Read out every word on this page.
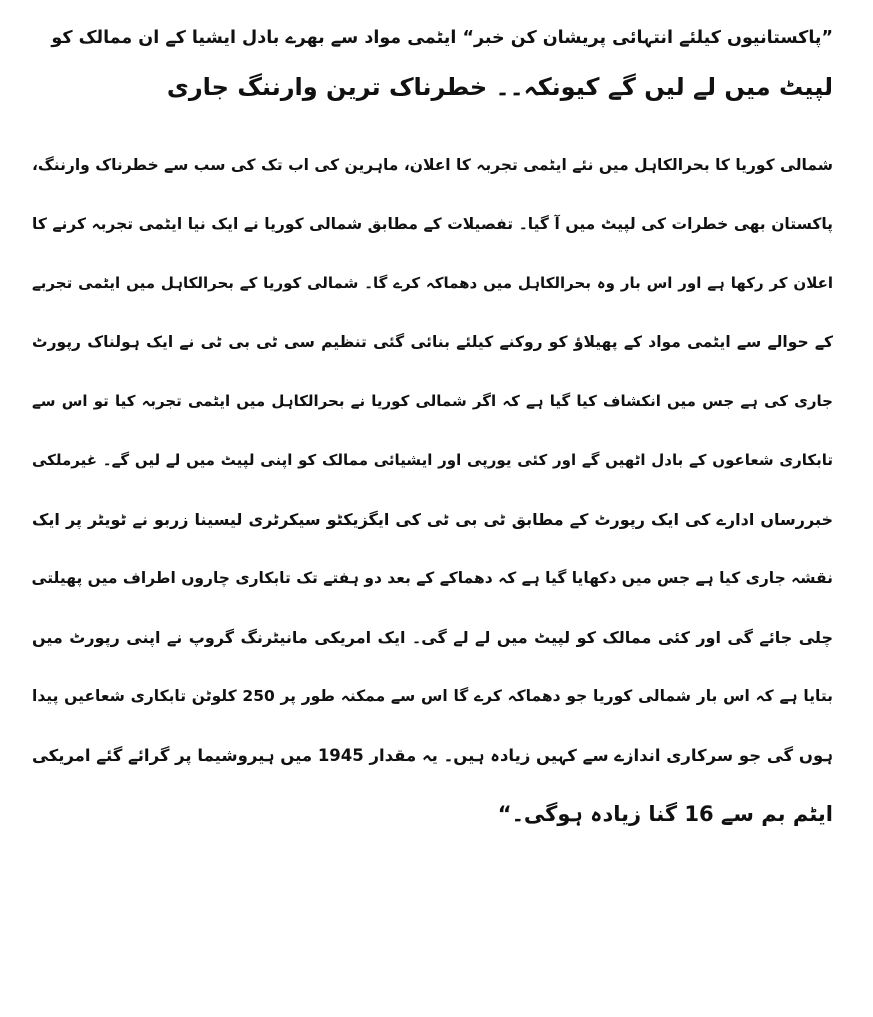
”پاکستانیوں کیلئے انتہائی پریشان کن خبر“ ایٹمی مواد سے بھرے بادل ایشیا کے ان ممالک کو
لپیٹ میں لے لیں گے کیونکہ۔۔ خطرناک ترین وارننگ جاری
شمالی کوریا کا بحرالکاہل میں نئے ایٹمی تجربہ کا اعلان، ماہرین کی اب تک کی سب سے خطرناک وارننگ،
پاکستان بھی خطرات کی لپیٹ میں آ گیا۔ تفصیلات کے مطابق شمالی کوریا نے ایک نیا ایٹمی تجربہ کرنے کا
اعلان کر رکھا ہے اور اس بار وہ بحرالکاہل میں دھماکہ کرے گا۔ شمالی کوریا کے بحرالکاہل میں ایٹمی تجربے
کے حوالے سے ایٹمی مواد کے پھیلاؤ کو روکنے کیلئے بنائی گئی تنظیم سی ٹی بی ٹی نے ایک ہولناک رپورٹ
جاری کی ہے جس میں انکشاف کیا گیا ہے کہ اگر شمالی کوریا نے بحرالکاہل میں ایٹمی تجربہ کیا تو اس سے
تابکاری شعاعوں کے بادل اٹھیں گے اور کئی یورپی اور ایشیائی ممالک کو اپنی لپیٹ میں لے لیں گے۔ غیرملکی
خبررساں ادارے کی ایک رپورٹ کے مطابق ٹی بی ٹی کی ایگزیکٹو سیکرٹری لیسینا زربو نے ٹویٹر پر ایک
نقشہ جاری کیا ہے جس میں دکھایا گیا ہے کہ دھماکے کے بعد دو ہفتے تک تابکاری چاروں اطراف میں پھیلتی
چلی جائے گی اور کئی ممالک کو لپیٹ میں لے لے گی۔ ایک امریکی مانیٹرنگ گروپ نے اپنی رپورٹ میں
بتایا ہے کہ اس بار شمالی کوریا جو دھماکہ کرے گا اس سے ممکنہ طور پر 250 کلوٹن تابکاری شعاعیں پیدا
ہوں گی جو سرکاری اندازے سے کہیں زیادہ ہیں۔ یہ مقدار 1945 میں ہیروشیما پر گرائے گئے امریکی
ایٹم بم سے 16 گنا زیادہ ہوگی۔“
